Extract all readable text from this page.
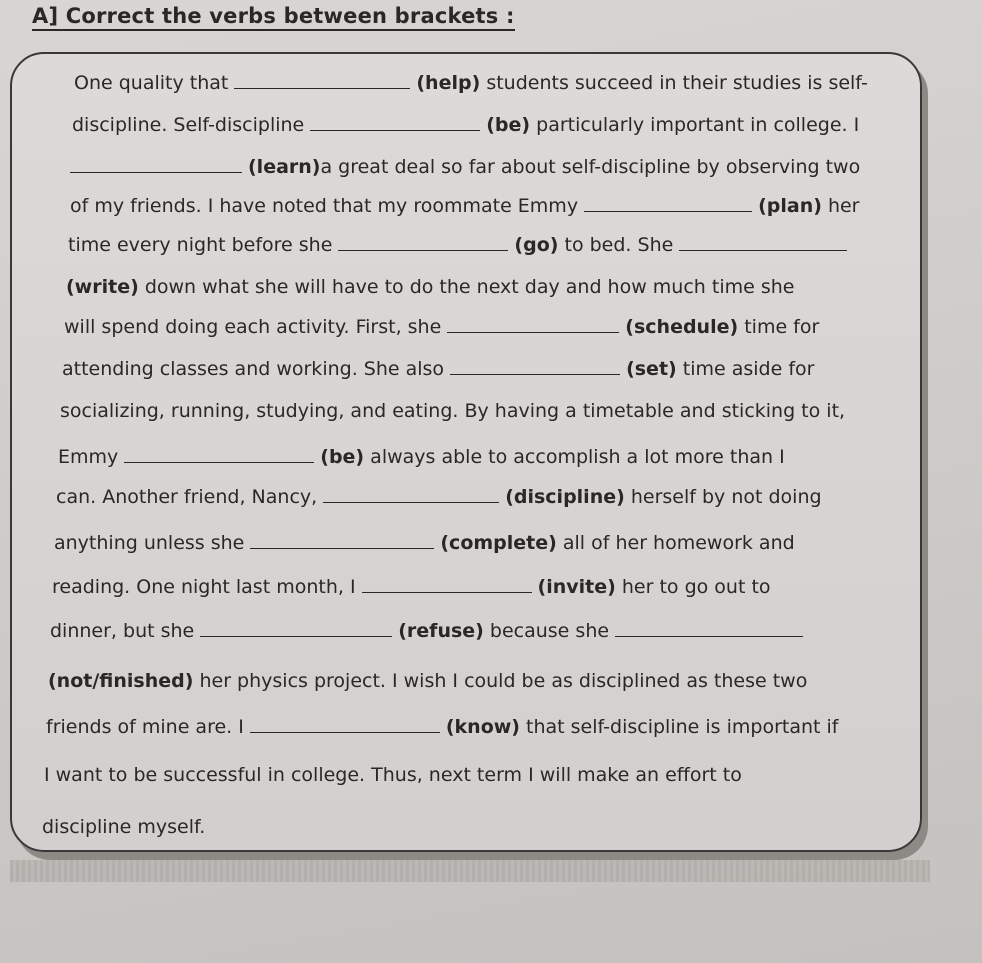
A] Correct the verbs between brackets :
One quality that	(help) students succeed in their studies is self-
discipline. Self-discipline	(be) particularly important in college. I
(learn)a great deal so far about self-discipline by observing two
of my friends. I have noted that my roommate Emmy	(plan) her
time every night before she	(go) to bed. She
(write) down what she will have to do the next day and how much time she
will spend doing each activity. First, she	(schedule) time for
attending classes and working. She also	(set) time aside for
socializing, running, studying, and eating. By having a timetable and sticking to it,
Emmy	(be) always able to accomplish a lot more than I
can. Another friend, Nancy,	(discipline) herself by not doing
anything unless she	(complete) all of her homework and
reading. One night last month, I	(invite) her to go out to
dinner, but she	(refuse) because she
(not/finished) her physics project. I wish I could be as disciplined as these two
friends of mine are. I	(know) that self-discipline is important if
I want to be successful in college. Thus, next term I will make an effort to
discipline myself.
